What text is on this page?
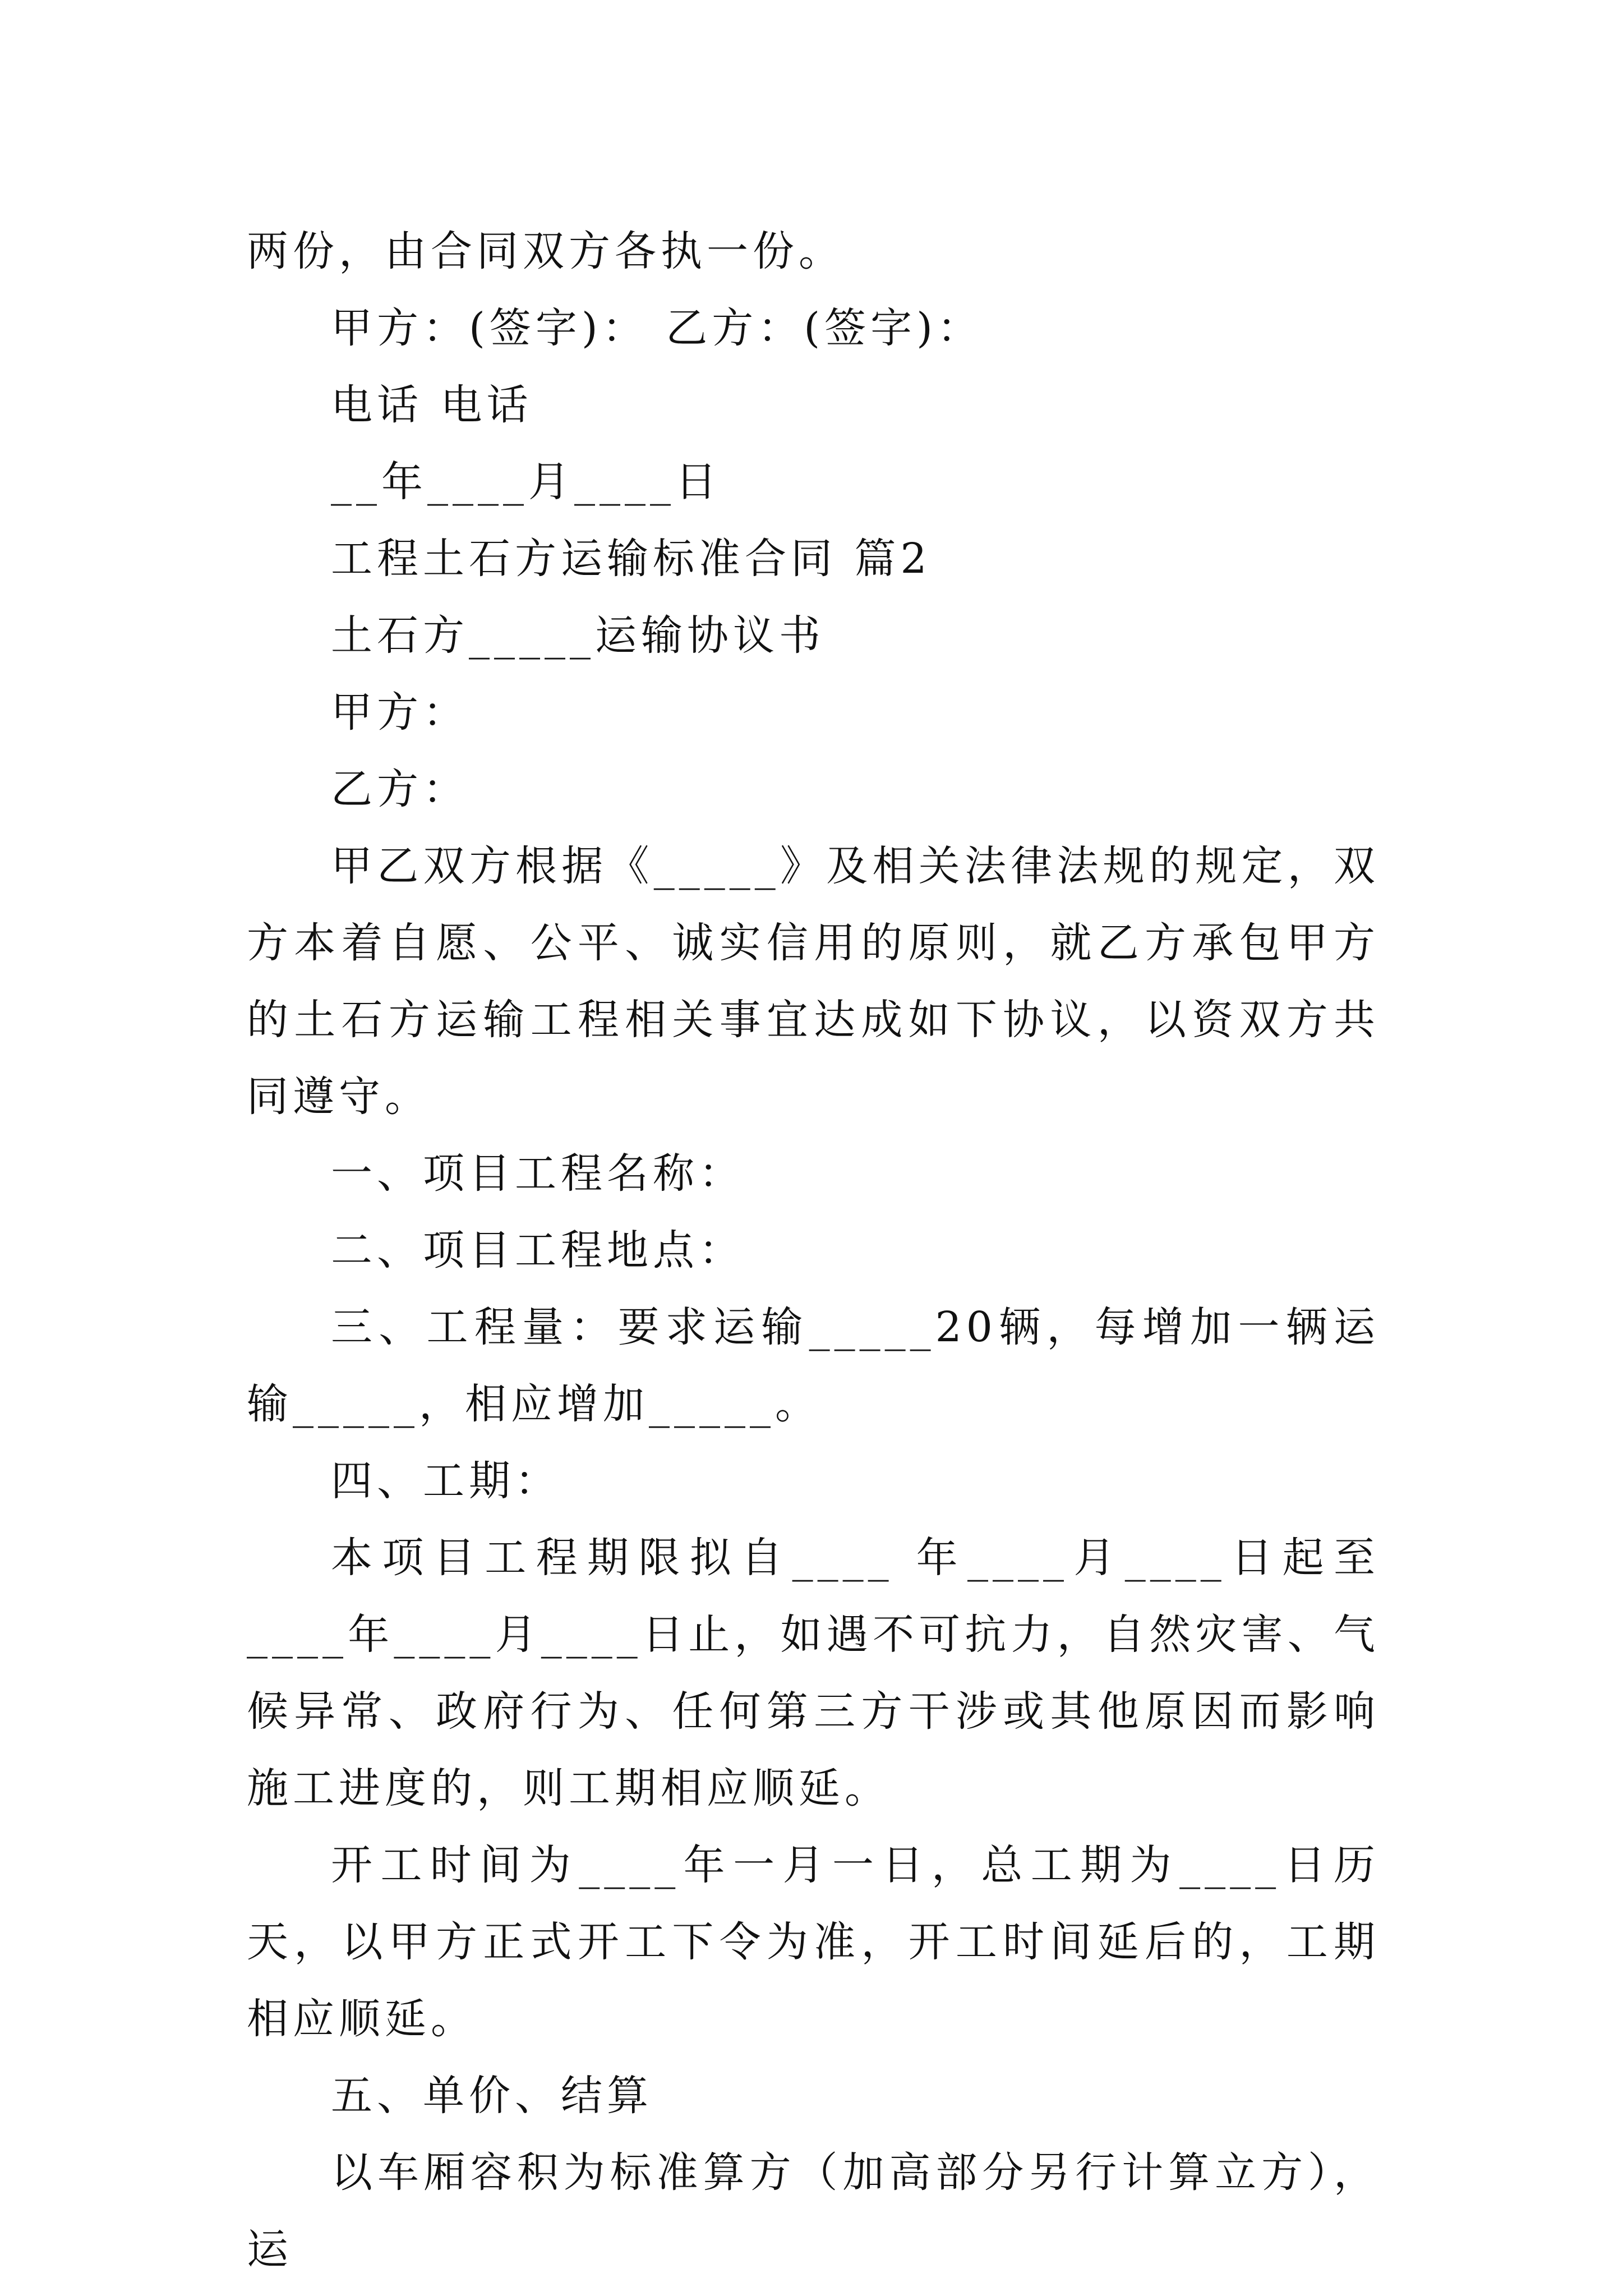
两份，由合同双方各执一份。

甲方：(签字)： 乙方：(签字)：

电话 电话

__年____月____日

工程土石方运输标准合同 篇2

土石方_____运输协议书

甲方：

乙方：

甲乙双方根据《_____》及相关法律法规的规定，双方本着自愿、公平、诚实信用的原则，就乙方承包甲方的土石方运输工程相关事宜达成如下协议，以资双方共同遵守。

一、项目工程名称：

二、项目工程地点：

三、工程量：要求运输_____20辆，每增加一辆运输_____，相应增加_____。

四、工期：

本项目工程期限拟自____ 年____月____日起至____年____月____日止，如遇不可抗力，自然灾害、气候异常、政府行为、任何第三方干涉或其他原因而影响施工进度的，则工期相应顺延。

开工时间为____年一月一日，总工期为____日历天，以甲方正式开工下令为准，开工时间延后的，工期相应顺延。

五、单价、结算

以车厢容积为标准算方（加高部分另行计算立方），运
